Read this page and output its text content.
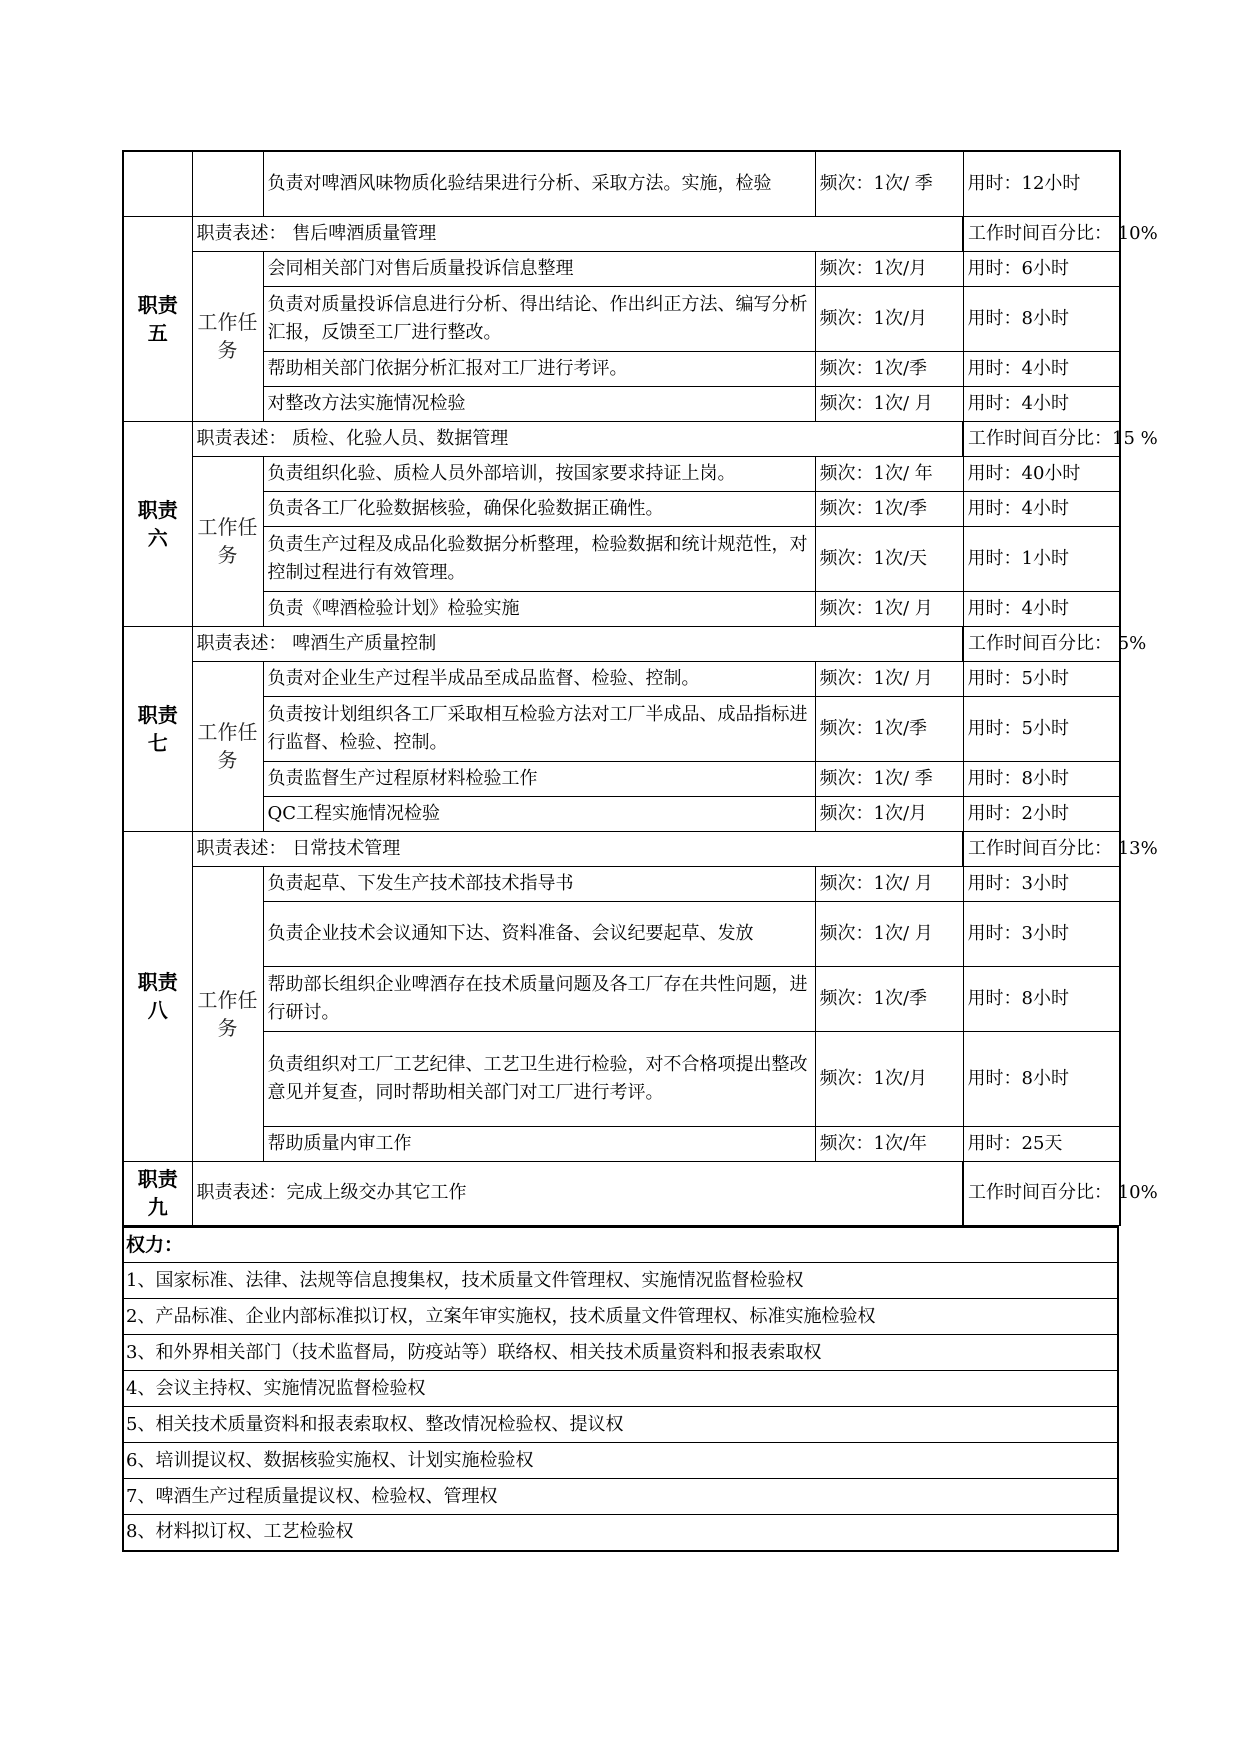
		负责对啤酒风味物质化验结果进行分析、采取方法。实施，检验	频次：1次/ 季	用时：12小时
职责五	职责表述： 售后啤酒质量管理			工作时间百分比： 10%
	工作任务	会同相关部门对售后质量投诉信息整理	频次：1次/月	用时：6小时
		负责对质量投诉信息进行分析、得出结论、作出纠正方法、编写分析汇报，反馈至工厂进行整改。	频次：1次/月	用时：8小时
		帮助相关部门依据分析汇报对工厂进行考评。	频次：1次/季	用时：4小时
		对整改方法实施情况检验	频次：1次/ 月	用时：4小时
职责六	职责表述： 质检、化验人员、数据管理			工作时间百分比：15 %
	工作任务	负责组织化验、质检人员外部培训，按国家要求持证上岗。	频次：1次/ 年	用时：40小时
		负责各工厂化验数据核验，确保化验数据正确性。	频次：1次/季	用时：4小时
		负责生产过程及成品化验数据分析整理，检验数据和统计规范性，对控制过程进行有效管理。	频次：1次/天	用时：1小时
		负责《啤酒检验计划》检验实施	频次：1次/ 月	用时：4小时
职责七	职责表述： 啤酒生产质量控制			工作时间百分比： 5%
	工作任务	负责对企业生产过程半成品至成品监督、检验、控制。	频次：1次/ 月	用时：5小时
		负责按计划组织各工厂采取相互检验方法对工厂半成品、成品指标进行监督、检验、控制。	频次：1次/季	用时：5小时
		负责监督生产过程原材料检验工作	频次：1次/ 季	用时：8小时
		QC工程实施情况检验	频次：1次/月	用时：2小时
职责八	职责表述： 日常技术管理			工作时间百分比： 13%
	工作任务	负责起草、下发生产技术部技术指导书	频次：1次/ 月	用时：3小时
		负责企业技术会议通知下达、资料准备、会议纪要起草、发放	频次：1次/ 月	用时：3小时
		帮助部长组织企业啤酒存在技术质量问题及各工厂存在共性问题，进行研讨。	频次：1次/季	用时：8小时
		负责组织对工厂工艺纪律、工艺卫生进行检验，对不合格项提出整改意见并复查，同时帮助相关部门对工厂进行考评。	频次：1次/月	用时：8小时
		帮助质量内审工作	频次：1次/年	用时：25天
职责九	职责表述：完成上级交办其它工作			工作时间百分比： 10%
权力：
1、国家标准、法律、法规等信息搜集权，技术质量文件管理权、实施情况监督检验权
2、产品标准、企业内部标准拟订权，立案年审实施权，技术质量文件管理权、标准实施检验权
3、和外界相关部门（技术监督局，防疫站等）联络权、相关技术质量资料和报表索取权
4、会议主持权、实施情况监督检验权
5、相关技术质量资料和报表索取权、整改情况检验权、提议权
6、培训提议权、数据核验实施权、计划实施检验权
7、啤酒生产过程质量提议权、检验权、管理权
8、材料拟订权、工艺检验权
